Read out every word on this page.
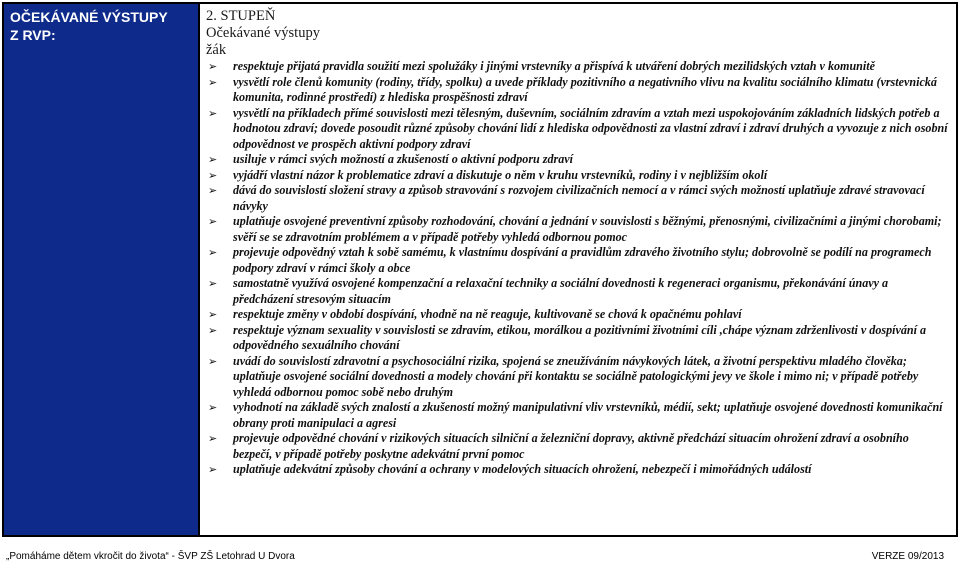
OČEKÁVANÉ VÝSTUPY
Z RVP:
2. STUPEŇ
Očekávané výstupy
žák
➢ respektuje přijatá pravidla soužití mezi spolužáky i jinými vrstevníky a přispívá k utváření dobrých mezilidských vztah v komunitě
➢ vysvětlí role členů komunity (rodiny, třídy, spolku) a uvede příklady pozitivního a negativního vlivu na kvalitu sociálního klimatu (vrstevnická komunita, rodinné prostředí) z hlediska prospěšnosti zdraví
➢ vysvětlí na příkladech přímé souvislosti mezi tělesným, duševním, sociálním zdravím a vztah mezi uspokojováním základních lidských potřeb a hodnotou zdraví; dovede posoudit různé způsoby chování lidí z hlediska odpovědnosti za vlastní zdraví i zdraví druhých a vyvozuje z nich osobní odpovědnost ve prospěch aktivní podpory zdraví
➢ usiluje v rámci svých možností a zkušeností o aktivní podporu zdraví
➢ vyjádří vlastní názor k problematice zdraví a diskutuje o něm v kruhu vrstevníků, rodiny i v nejbližším okolí
➢ dává do souvislostí složení stravy a způsob stravování s rozvojem civilizačních nemocí a v rámci svých možností uplatňuje zdravé stravovací návyky
➢ uplatňuje osvojené preventivní způsoby rozhodování, chování a jednání v souvislosti s běžnými, přenosnými, civilizačními a jinými chorobami; svěří se se zdravotním problémem a v případě potřeby vyhledá odbornou pomoc
➢ projevuje odpovědný vztah k sobě samému, k vlastnímu dospívání a pravidlům zdravého životního stylu; dobrovolně se podílí na programech podpory zdraví v rámci školy a obce
➢ samostatně využívá osvojené kompenzační a relaxační techniky a sociální dovednosti k regeneraci organismu, překonávání únavy a předcházení stresovým situacím
➢ respektuje změny v období dospívání, vhodně na ně reaguje, kultivovaně se chová k opačnému pohlaví
➢ respektuje význam sexuality v souvislosti se zdravím, etikou, morálkou a pozitivními životními cíli ,chápe význam zdrženlivosti v dospívání a odpovědného sexuálního chování
➢ uvádí do souvislostí zdravotní a psychosociální rizika, spojená se zneužíváním návykových látek, a životní perspektivu mladého člověka; uplatňuje osvojené sociální dovednosti a modely chování při kontaktu se sociálně patologickými jevy ve škole i mimo ni; v případě potřeby vyhledá odbornou pomoc sobě nebo druhým
➢ vyhodnotí na základě svých znalostí a zkušeností možný manipulativní vliv vrstevníků, médií, sekt; uplatňuje osvojené dovednosti komunikační obrany proti manipulaci a agresi
➢ projevuje odpovědné chování v rizikových situacích silniční a železniční dopravy, aktivně předchází situacím ohrožení zdraví a osobního bezpečí, v případě potřeby poskytne adekvátní první pomoc
➢ uplatňuje adekvátní způsoby chování a ochrany v modelových situacích ohrožení, nebezpečí i mimořádných událostí
„Pomáháme dětem vkročit do života“ - ŠVP ZŠ Letohrad U Dvora	VERZE 09/2013
